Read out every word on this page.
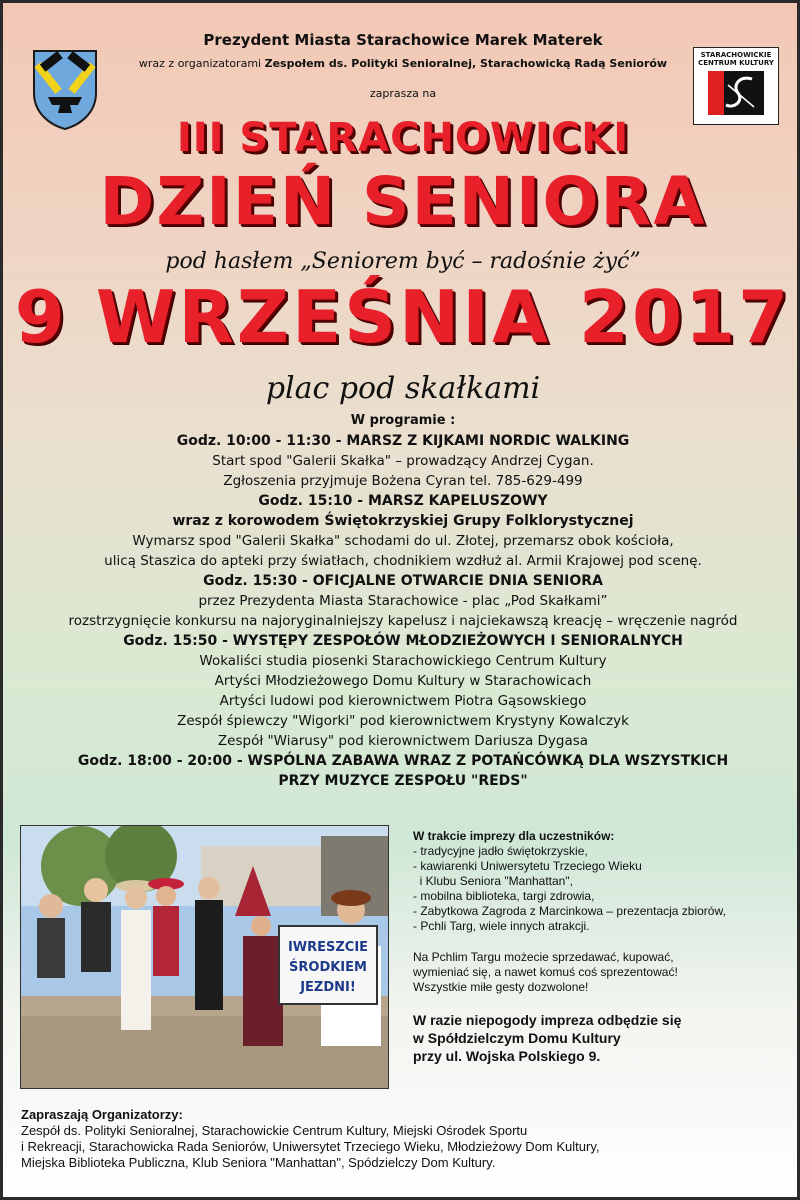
Prezydent Miasta Starachowice Marek Materek
wraz z organizatorami Zespołem ds. Polityki Senioralnej, Starachowicką Radą Seniorów
zaprasza na
STARACHOWICKIE
CENTRUM KULTURY
III STARACHOWICKI
DZIEŃ SENIORA
pod hasłem „Seniorem być – radośnie żyć”
9 WRZEŚNIA 2017
plac pod skałkami
W programie :
Godz. 10:00 - 11:30 - MARSZ Z KIJKAMI NORDIC WALKING
Start spod "Galerii Skałka" – prowadzący Andrzej Cygan.
Zgłoszenia przyjmuje Bożena Cyran tel. 785-629-499
Godz. 15:10 - MARSZ KAPELUSZOWY
wraz z korowodem Świętokrzyskiej Grupy Folklorystycznej
Wymarsz spod "Galerii Skałka" schodami do ul. Złotej, przemarsz obok kościoła,
ulicą Staszica do apteki przy światłach, chodnikiem wzdłuż al. Armii Krajowej pod scenę.
Godz. 15:30 - OFICJALNE OTWARCIE DNIA SENIORA
przez Prezydenta Miasta Starachowice - plac „Pod Skałkami”
rozstrzygnięcie konkursu na najoryginalniejszy kapelusz i najciekawszą kreację – wręczenie nagród
Godz. 15:50 - WYSTĘPY ZESPOŁÓW MŁODZIEŻOWYCH I SENIORALNYCH
Wokaliści studia piosenki Starachowickiego Centrum Kultury
Artyści Młodzieżowego Domu Kultury w Starachowicach
Artyści ludowi pod kierownictwem Piotra Gąsowskiego
Zespół śpiewczy "Wigorki" pod kierownictwem Krystyny Kowalczyk
Zespół "Wiarusy" pod kierownictwem Dariusza Dygasa
Godz. 18:00 - 20:00 - WSPÓLNA ZABAWA WRAZ Z POTAŃCÓWKĄ DLA WSZYSTKICH
PRZY MUZYCE ZESPOŁU "REDS"
IWRESZCIE
ŚRODKIEM
JEZDNI!
W trakcie imprezy dla uczestników:
- tradycyjne jadło świętokrzyskie,
- kawiarenki Uniwersytetu Trzeciego Wieku
i Klubu Seniora "Manhattan",
- mobilna biblioteka, targi zdrowia,
- Zabytkowa Zagroda z Marcinkowa – prezentacja zbiorów,
- Pchli Targ, wiele innych atrakcji.
Na Pchlim Targu możecie sprzedawać, kupować,
wymieniać się, a nawet komuś coś sprezentować!
Wszystkie miłe gesty dozwolone!
W razie niepogody impreza odbędzie się
w Spółdzielczym Domu Kultury
przy ul. Wojska Polskiego 9.
Zapraszają Organizatorzy:
Zespół ds. Polityki Senioralnej, Starachowickie Centrum Kultury, Miejski Ośrodek Sportu
i Rekreacji, Starachowicka Rada Seniorów, Uniwersytet Trzeciego Wieku, Młodzieżowy Dom Kultury,
Miejska Biblioteka Publiczna, Klub Seniora "Manhattan", Spódzielczy Dom Kultury.
